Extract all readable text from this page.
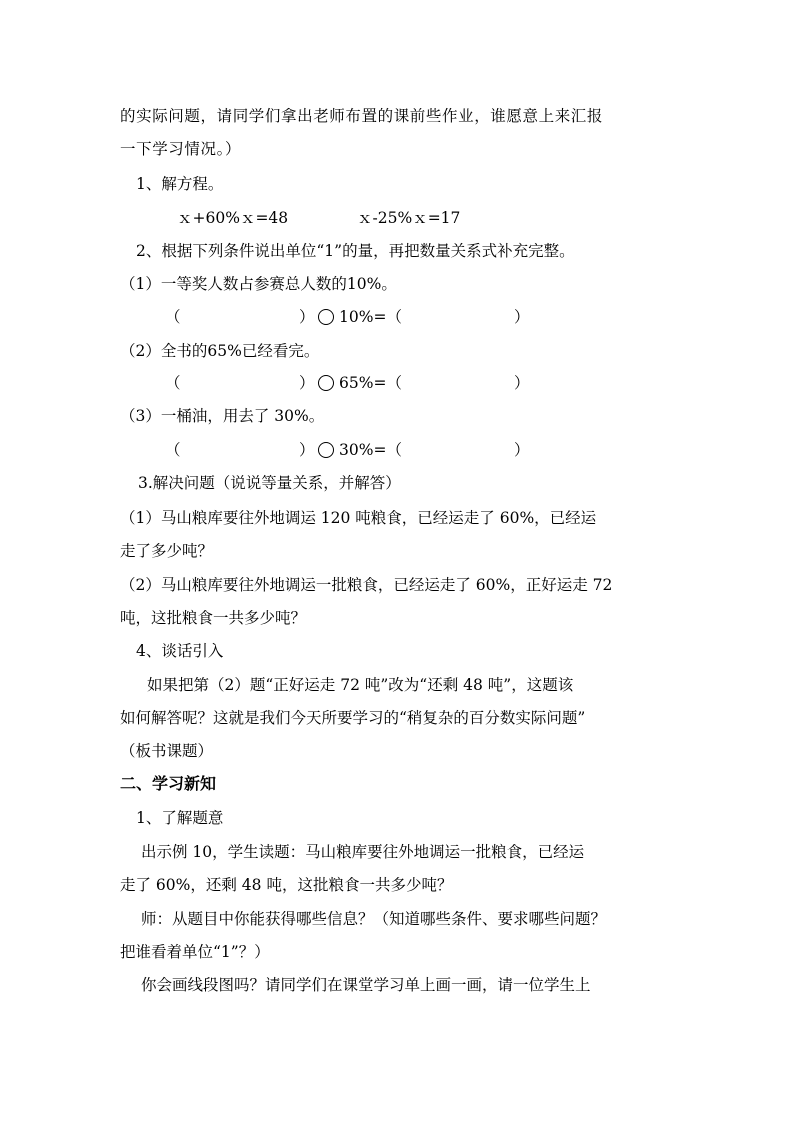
的实际问题，请同学们拿出老师布置的课前些作业，谁愿意上来汇报
一下学习情况。）
1、解方程。
ｘ+60%ｘ=48	ｘ-25%ｘ=17
2、根据下列条件说出单位“1”的量，再把数量关系式补充完整。
（1）一等奖人数占参赛总人数的10%。
（	） 10%=（	）
（2）全书的65%已经看完。
（	） 65%=（	）
（3）一桶油，用去了 30%。
（	） 30%=（	）
3.解决问题（说说等量关系，并解答）
（1）马山粮库要往外地调运 120 吨粮食，已经运走了 60%，已经运
走了多少吨？
（2）马山粮库要往外地调运一批粮食，已经运走了 60%，正好运走 72
吨，这批粮食一共多少吨？
4、谈话引入
如果把第（2）题“正好运走 72 吨”改为“还剩 48 吨”，这题该
如何解答呢？这就是我们今天所要学习的“稍复杂的百分数实际问题”
（板书课题）
二、学习新知
1、了解题意
出示例 10，学生读题：马山粮库要往外地调运一批粮食，已经运
走了 60%，还剩 48 吨，这批粮食一共多少吨？
师：从题目中你能获得哪些信息？（知道哪些条件、要求哪些问题？
把谁看着单位“1”？）
你会画线段图吗？请同学们在课堂学习单上画一画，请一位学生上
